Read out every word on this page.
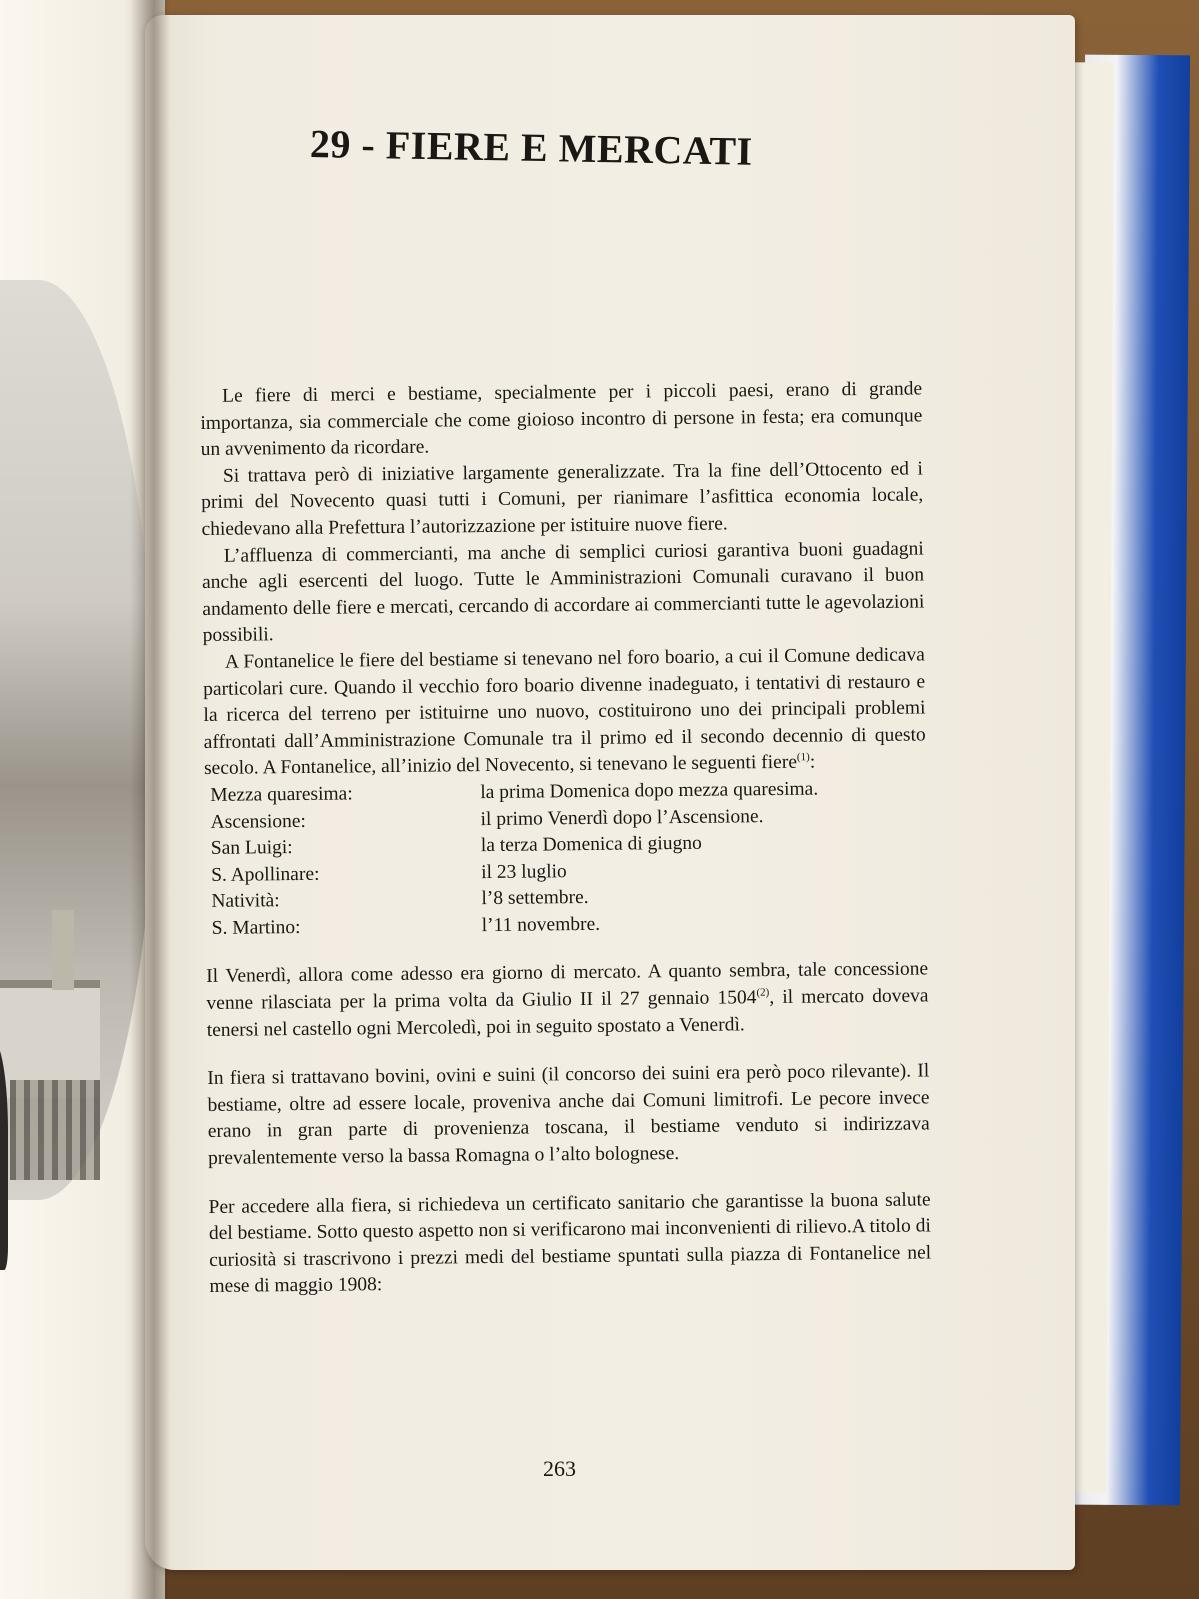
29 - FIERE E MERCATI

Le fiere di merci e bestiame, specialmente per i piccoli paesi, erano di grande importanza, sia commerciale che come gioioso incontro di persone in festa; era comunque un avvenimento da ricordare.

Si trattava però di iniziative largamente generalizzate. Tra la fine dell’Ottocento ed i primi del Novecento quasi tutti i Comuni, per rianimare l’asfittica economia locale, chiedevano alla Prefettura l’autorizzazione per istituire nuove fiere.

L’affluenza di commercianti, ma anche di semplici curiosi garantiva buoni guadagni anche agli esercenti del luogo. Tutte le Amministrazioni Comunali curavano il buon andamento delle fiere e mercati, cercando di accordare ai commercianti tutte le agevolazioni possibili.

A Fontanelice le fiere del bestiame si tenevano nel foro boario, a cui il Comune dedicava particolari cure. Quando il vecchio foro boario divenne inadeguato, i tentativi di restauro e la ricerca del terreno per istituirne uno nuovo, costituirono uno dei principali problemi affrontati dall’Amministrazione Comunale tra il primo ed il secondo decennio di questo secolo. A Fontanelice, all’inizio del Novecento, si tenevano le seguenti fiere$^{(1)}$:

Mezza quaresima:	la prima Domenica dopo mezza quaresima.
Ascensione:	il primo Venerdì dopo l’Ascensione.
San Luigi:	la terza Domenica di giugno
S. Apollinare:	il 23 luglio
Natività:	l’8 settembre.
S. Martino:	l’11 novembre.

Il Venerdì, allora come adesso era giorno di mercato. A quanto sembra, tale concessione venne rilasciata per la prima volta da Giulio II il 27 gennaio 1504$^{(2)}$, il mercato doveva tenersi nel castello ogni Mercoledì, poi in seguito spostato a Venerdì.

In fiera si trattavano bovini, ovini e suini (il concorso dei suini era però poco rilevante). Il bestiame, oltre ad essere locale, proveniva anche dai Comuni limitrofi. Le pecore invece erano in gran parte di provenienza toscana, il bestiame venduto si indirizzava prevalentemente verso la bassa Romagna o l’alto bolognese.

Per accedere alla fiera, si richiedeva un certificato sanitario che garantisse la buona salute del bestiame. Sotto questo aspetto non si verificarono mai inconvenienti di rilievo.A titolo di curiosità si trascrivono i prezzi medi del bestiame spuntati sulla piazza di Fontanelice nel mese di maggio 1908:

263
